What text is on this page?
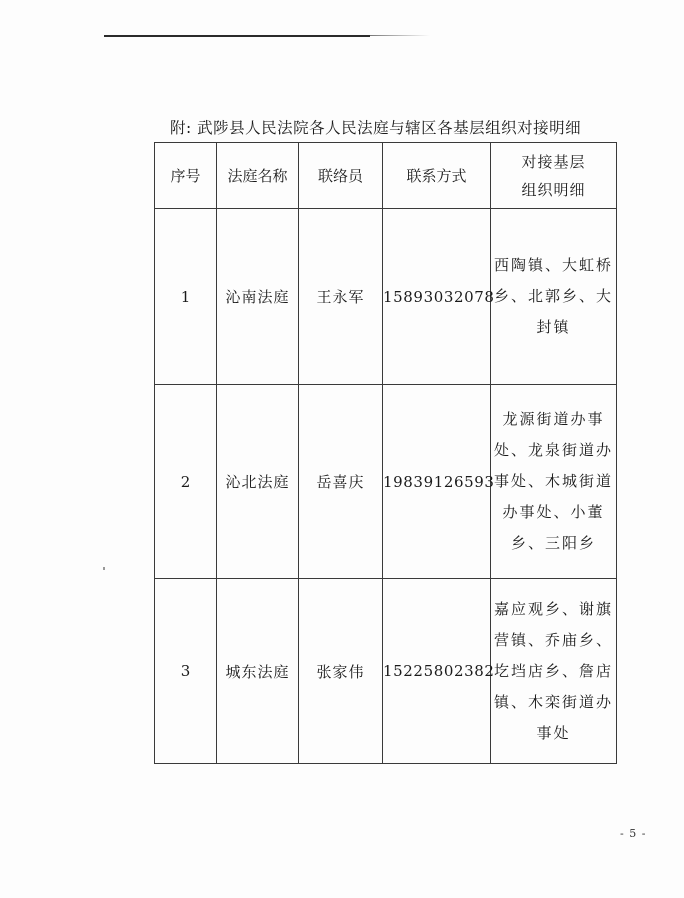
附: 武陟县人民法院各人民法庭与辖区各基层组织对接明细
序号	法庭名称	联络员	联系方式	对接基层
组织明细

1	沁南法庭	王永军	15893032078	西陶镇、大虹桥乡、北郭乡、大封镇
2	沁北法庭	岳喜庆	19839126593	龙源街道办事处、龙泉街道办事处、木城街道办事处、小董乡、三阳乡
3	城东法庭	张家伟	15225802382	嘉应观乡、谢旗营镇、乔庙乡、圪垱店乡、詹店镇、木栾街道办事处
- 5 -
